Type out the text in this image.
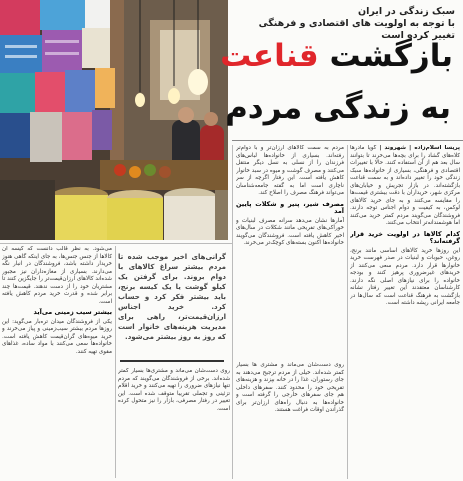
سبک زندگی در ایران
با توجه به اولویت های اقتصادی و فرهنگی تغییر کرده است
بازگشت قناعت
به زندگی مردم
پریسا اسلام‌زاده | شهروند | گویا مادرها کلاه‌های گشاد را برای بچه‌ها می‌خرند تا بتوانند سال بعد هم از آن استفاده کنند. حالا با تغییرات اقتصادی و فرهنگی، بسیاری از خانواده‌ها سبک زندگی خود را تغییر داده‌اند و به سمت قناعت بازگشته‌اند. در بازار تجریش و خیابان‌های مرکزی شهر، خریداران با دقت بیشتری قیمت‌ها را مقایسه می‌کنند و به جای خرید کالاهای لوکس، به کیفیت و دوام اجناس توجه دارند. فروشندگان می‌گویند مردم کمتر خرید می‌کنند اما هوشمندانه‌تر انتخاب می‌کنند.
کدام کالاها در اولویت خرید قرار گرفته‌اند؟
این روزها خرید کالاهای اساسی مانند برنج، روغن، حبوبات و لبنیات در صدر فهرست خرید خانوارها قرار دارد. مردم سعی می‌کنند از خریدهای غیرضروری پرهیز کنند و بودجه خانواده را برای نیازهای اصلی نگه دارند. کارشناسان معتقدند این تغییر رفتار نشانه بازگشت به فرهنگ قناعت است که سال‌ها در جامعه ایرانی ریشه داشته است.
مردم به سمت کالاهای ارزان‌تر و با دوام‌تر رفته‌اند. بسیاری از خانواده‌ها لباس‌های فرزندان را از نسلی به نسل دیگر منتقل می‌کنند و مصرف گوشت و میوه در سبد خانوار کاهش یافته است. این رفتار اگرچه از سر ناچاری است اما به گفته جامعه‌شناسان می‌تواند فرهنگ مصرف را اصلاح کند.
مصرف شیر، پنیر و شکلات پایین آمد
آمارها نشان می‌دهد سرانه مصرف لبنیات و خوراکی‌های تفریحی مانند شکلات در سال‌های اخیر کاهش یافته است. فروشندگان می‌گویند خانواده‌ها اکنون بسته‌های کوچک‌تر می‌خرند.
روی دست‌شان می‌ماند و مشتری ها بسیار کمتر شده‌اند. خیلی از مردم ترجیح می‌دهند به جای رستوران، غذا را در خانه بپزند و هزینه‌های تفریحی خود را محدود کنند. سفرهای داخلی هم جای سفرهای خارجی را گرفته است و خانواده‌ها به دنبال راه‌های ارزان‌تر برای گذراندن اوقات فراغت هستند.
می‌شود. به نظر قالب دانست که کیسه آن کالاها از جنس جنس‌ها، به جای اینکه گاهی هنوز خریدار داشته باشد، فروشندگان در انبار نگه می‌دارند. بسیاری از مغازه‌داران نیز مجبور شده‌اند کالاهای ارزان‌قیمت‌تر را جایگزین کنند تا مشتریان خود را از دست ندهند. قیمت‌ها چند برابر شده و قدرت خرید مردم کاهش یافته است.
بیشتر سیب‌ زمینی می‌آید
یکی از فروشندگان میدان تره‌بار می‌گوید: این روزها مردم بیشتر سیب‌زمینی و پیاز می‌خرند و خرید میوه‌های گران‌قیمت کاهش یافته است. خانواده‌ها سعی می‌کنند با مواد ساده، غذاهای مقوی تهیه کنند.
گرانی‌های اخیر موجب شده تا مردم بیشتر سراغ کالاهای با دوام بروند. برای گرفتن یک کیلو گوشت یا یک کیسه برنج، باید بیشتر فکر کرد و حساب کرد. خرید اجناس ارزان‌قیمت‌تر، راهی برای مدیریت هزینه‌های خانوار است که روز به روز بیشتر می‌شود.
روی دست‌شان می‌ماند و مشتری‌ها بسیار کمتر شده‌اند. برخی از فروشندگان می‌گویند که مردم تنها نیازهای ضروری را تهیه می‌کنند و خرید اقلام تزئینی و تجملی تقریبا متوقف شده است. این تغییر در رفتار مصرفی، بازار را نیز متحول کرده است.
